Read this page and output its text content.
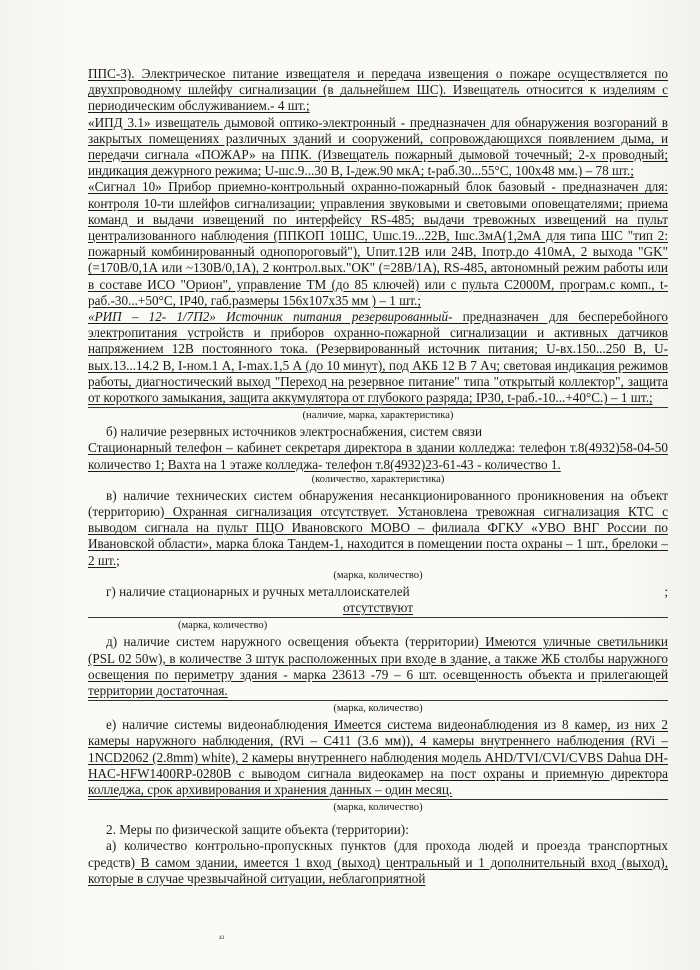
ППС-3). Электрическое питание извещателя и передача извещения о пожаре осуществляется по двухпроводному шлейфу сигнализации (в дальнейшем ШС). Извещатель относится к изделиям с периодическим обслуживанием.- 4 шт.;

«ИПД 3.1» извещатель дымовой оптико-электронный - предназначен для обнаружения возгораний в закрытых помещениях различных зданий и сооружений, сопровождающихся появлением дыма, и передачи сигнала «ПОЖАР» на ППК. (Извещатель пожарный дымовой точечный; 2-х проводный; индикация дежурного режима; U-шс.9...30 В, I-деж.90 мкА; t-раб.30...55°С, 100х48 мм.) – 78 шт.;

«Сигнал 10» Прибор приемно-контрольный охранно-пожарный блок базовый - предназначен для: контроля 10-ти шлейфов сигнализации; управления звуковыми и световыми оповещателями; приема команд и выдачи извещений по интерфейсу RS-485; выдачи тревожных извещений на пульт централизованного наблюдения (ППКОП 10ШС, Uшс.19...22В, Iшс.3мА(1,2мА для типа ШС "тип 2: пожарный комбинированный однопороговый"), Uпит.12В или 24В, Iпотр.до 410мА, 2 выхода "GK" (=170В/0,1А или ~130В/0,1А), 2 контрол.вых."ОК" (=28В/1А), RS-485, автономный режим работы или в составе ИСО "Орион", управление ТМ (до 85 ключей) или с пульта С2000М, програм.с комп., t-раб.-30...+50°С, IP40, габ.размеры 156х107х35 мм ) – 1 шт.;

«РИП – 12- 1/7П2» Источник питания резервированный- предназначен для бесперебойного электропитания устройств и приборов охранно-пожарной сигнализации и активных датчиков напряжением 12В постоянного тока. (Резервированный источник питания; U-вх.150...250 В, U-вых.13...14.2 В, I-ном.1 А, I-max.1,5 А (до 10 минут), под АКБ 12 В 7 Ач; световая индикация режимов работы, диагностический выход "Переход на резервное питание" типа "открытый коллектор", защита от короткого замыкания, защита аккумулятора от глубокого разряда; IP30, t-раб.-10...+40°С.) – 1 шт.;

(наличие, марка, характеристика)

б) наличие резервных источников электроснабжения, систем связи

Стационарный телефон – кабинет секретаря директора в здании колледжа: телефон т.8(4932)58-04-50 количество 1; Вахта на 1 этаже колледжа- телефон т.8(4932)23-61-43 - количество 1.

(количество, характеристика)

в) наличие технических систем обнаружения несанкционированного проникновения на объект (территорию) Охранная сигнализация отсутствует. Установлена тревожная сигнализация КТС с выводом сигнала на пульт ПЦО Ивановского МОВО – филиала ФГКУ «УВО ВНГ России по Ивановской области», марка блока Тандем-1, находится в помещении поста охраны – 1 шт., брелоки – 2 шт.;

(марка, количество)

г) наличие стационарных и ручных металлоискателей	;

отсутствуют

(марка, количество)

д) наличие систем наружного освещения объекта (территории) Имеются уличные светильники (PSL 02 50w), в количестве 3 штук расположенных при входе в здание, а также ЖБ столбы наружного освещения по периметру здания - марка 23613 -79 – 6 шт. осевщенность объекта и прилегающей территории достаточная.

(марка, количество)

е) наличие системы видеонаблюдения Имеется система видеонаблюдения из 8 камер, из них 2 камеры наружного наблюдения, (RVi – C411 (3.6 мм)), 4 камеры внутреннего наблюдения (RVi – 1NCD2062 (2.8mm) white), 2 камеры внутреннего наблюдения модель AHD/TVI/CVI/CVBS Dahua DH-HAC-HFW1400RP-0280B с выводом сигнала видеокамер на пост охраны и приемную директора колледжа, срок архивирования и хранения данных – один месяц.

(марка, количество)

2. Меры по физической защите объекта (территории):

а) количество контрольно-пропускных пунктов (для прохода людей и проезда транспортных средств) В самом здании, имеется 1 вход (выход) центральный и 1 дополнительный вход (выход), которые в случае чрезвычайной ситуации, неблагоприятной

⁴³
